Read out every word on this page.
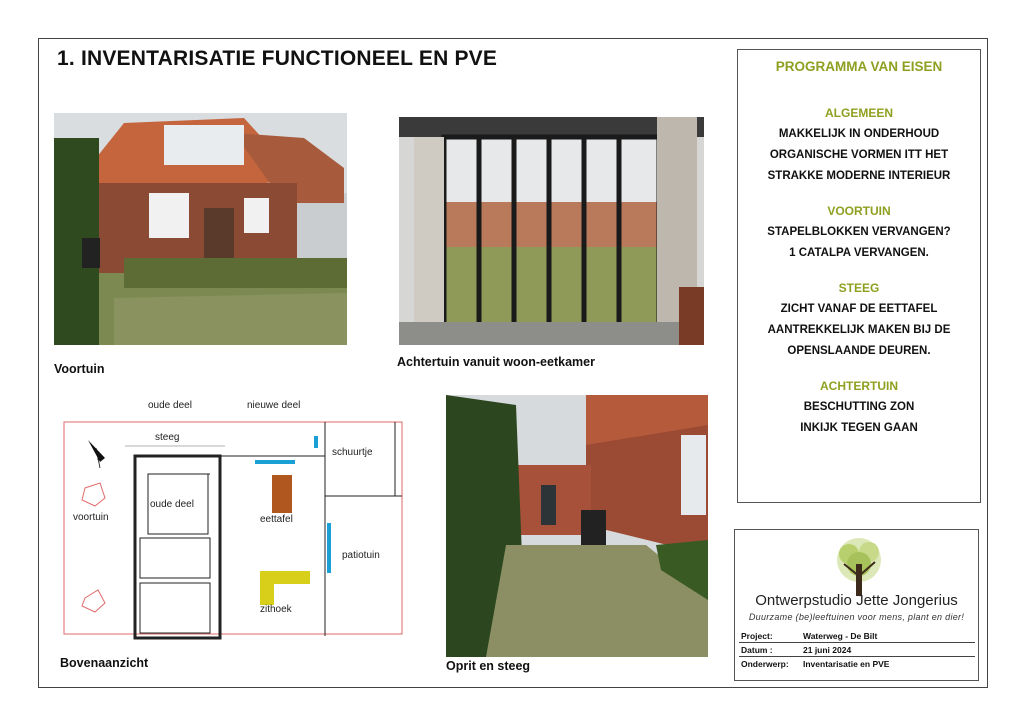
1. INVENTARISATIE FUNCTIONEEL EN PVE
Voortuin	Achtertuin vanuit woon-eetkamer
oude deel	nieuwe deel
N
steeg
schuurtje
voortuin
oude deel
eettafel
patiotuin
zithoek
Bovenaanzicht	Oprit en steeg
PROGRAMMA VAN EISEN
ALGEMEEN
MAKKELIJK IN ONDERHOUD
ORGANISCHE VORMEN ITT HET
STRAKKE MODERNE INTERIEUR
VOORTUIN
STAPELBLOKKEN VERVANGEN?
1 CATALPA VERVANGEN.
STEEG
ZICHT VANAF DE EETTAFEL
AANTREKKELIJK MAKEN BIJ DE
OPENSLAANDE DEUREN.
ACHTERTUIN
BESCHUTTING ZON
INKIJK TEGEN GAAN
Ontwerpstudio Jette Jongerius
Duurzame (be)leeftuinen voor mens, plant en dier!
Project:	Waterweg - De Bilt
Datum :	21 juni 2024
Onderwerp: Inventarisatie en PVE
